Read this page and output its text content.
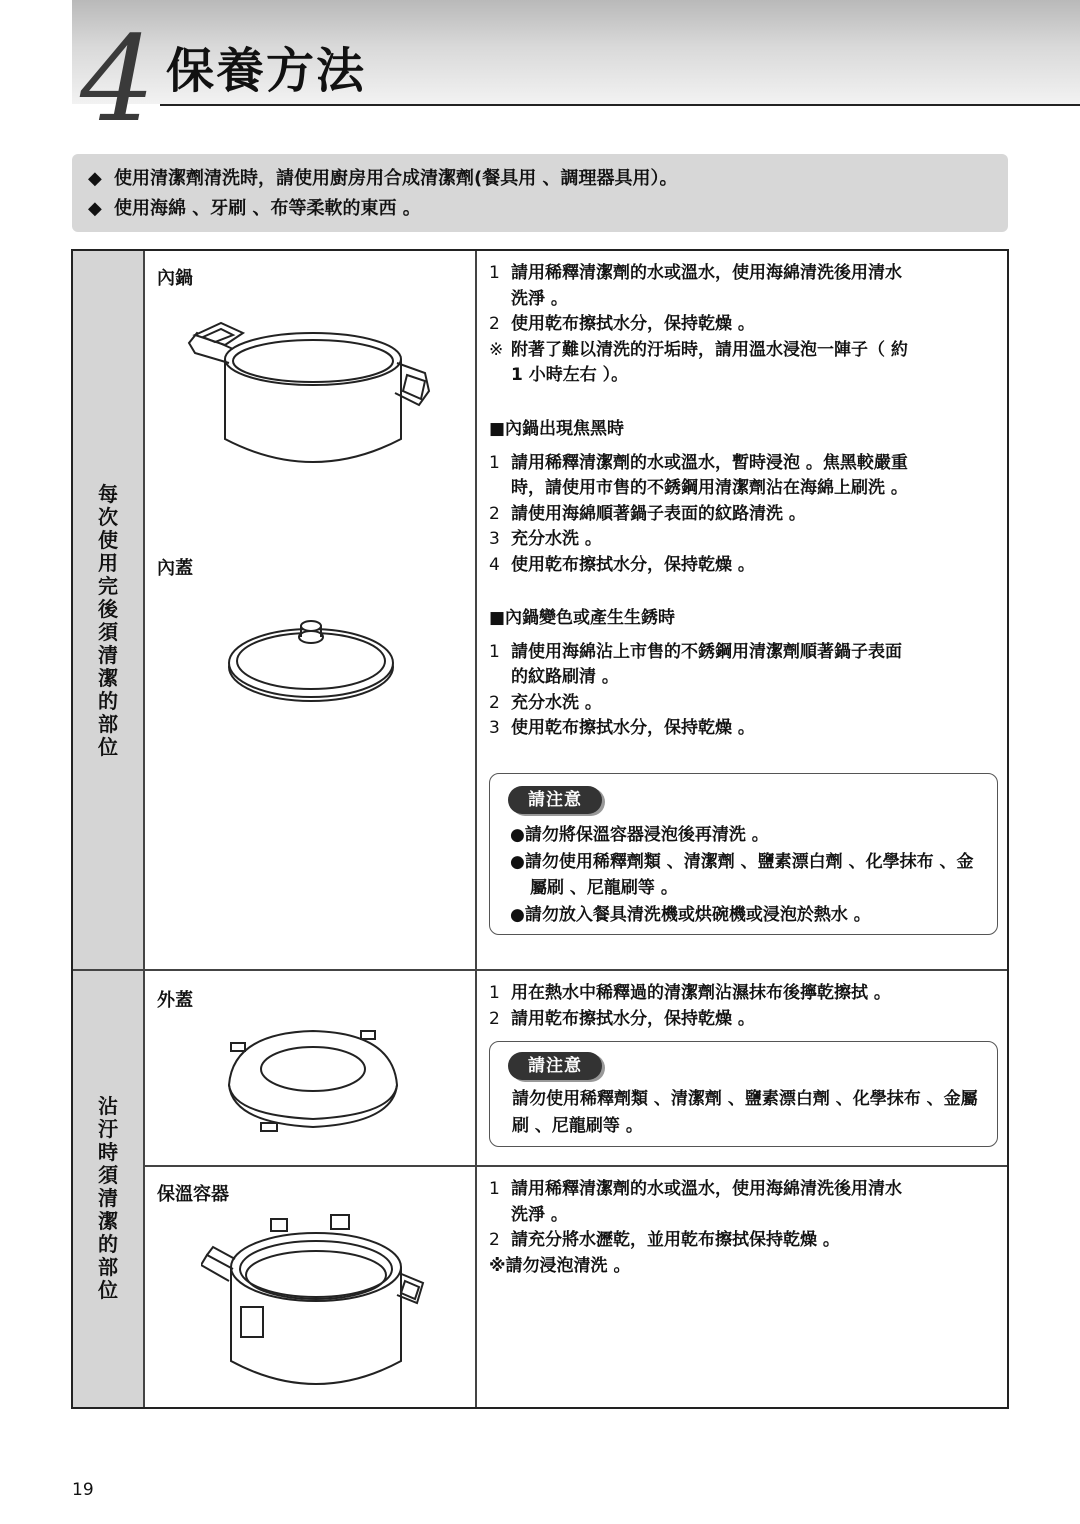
4 保養方法
◆ 使用清潔劑清洗時，請使用廚房用合成清潔劑(餐具用 、調理器具用）。
◆ 使用海綿 、牙刷 、布等柔軟的東西 。
每
次
使
用
完
後
須
清
潔
的
部
位
沾
汙
時
須
清
潔
的
部
位
內鍋
內蓋
1 請用稀釋清潔劑的水或溫水，使用海綿清洗後用清水
洗淨 。
2 使用乾布擦拭水分，保持乾燥 。
※ 附著了難以清洗的汙垢時，請用溫水浸泡一陣子（ 約
1 小時左右 ）。
■內鍋出現焦黑時
1 請用稀釋清潔劑的水或溫水，暫時浸泡 。焦黑較嚴重
時，請使用市售的不銹鋼用清潔劑沾在海綿上刷洗 。
2 請使用海綿順著鍋子表面的紋路清洗 。
3 充分水洗 。
4 使用乾布擦拭水分，保持乾燥 。
■內鍋變色或產生生銹時
1 請使用海綿沾上市售的不銹鋼用清潔劑順著鍋子表面
的紋路刷清 。
2 充分水洗 。
3 使用乾布擦拭水分，保持乾燥 。
請注意
●請勿將保溫容器浸泡後再清洗 。
●請勿使用稀釋劑類 、清潔劑 、鹽素漂白劑 、化學抹布 、金屬刷 、尼龍刷等 。
●請勿放入餐具清洗機或烘碗機或浸泡於熱水 。
外蓋	1 用在熱水中稀釋過的清潔劑沾濕抹布後擰乾擦拭 。
2 請用乾布擦拭水分，保持乾燥 。
請注意
請勿使用稀釋劑類 、清潔劑 、鹽素漂白劑 、化學抹布 、金屬刷 、尼龍刷等 。
保溫容器	1 請用稀釋清潔劑的水或溫水，使用海綿清洗後用清水
洗淨 。
2 請充分將水瀝乾，並用乾布擦拭保持乾燥 。
※請勿浸泡清洗 。
19
